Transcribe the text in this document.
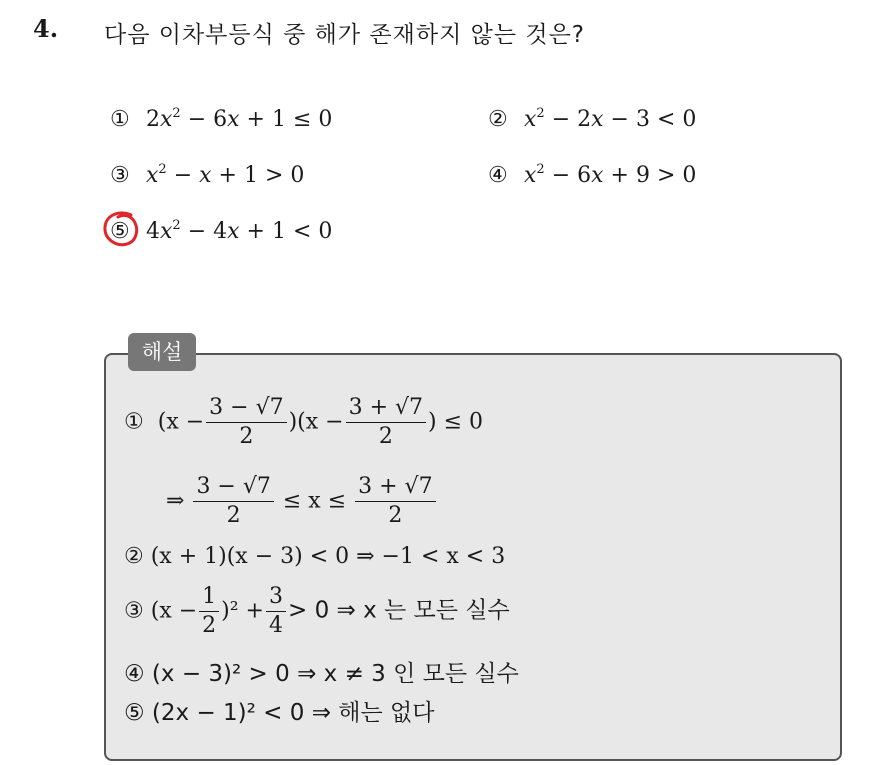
4. 다음 이차부등식 중 해가 존재하지 않는 것은?
① $2x^2 - 6x + 1 \le 0$	② $x^2 - 2x - 3 < 0$
③ $x^2 - x + 1 > 0$	④ $x^2 - 6x + 9 > 0$
⑤ $4x^2 - 4x + 1 < 0$
해설
① $(x - \frac{3 - √7}{2} )(x - \frac{3 + √7}{2}$ ) ≤ 0
⇒ $\frac{3 - √7}{2} \le x \le \frac{3 + √7}{2}$
② (x + 1)(x − 3) < 0 ⇒ −1 < x < 3
③ $(x - \frac{1}{2} )^2 + \frac{3}{4} > 0$ ⇒ x 는 모든 실수
④ (x − 3)² > 0 ⇒ x ≠ 3 인 모든 실수
⑤ (2x − 1)² < 0 ⇒ 해는 없다
